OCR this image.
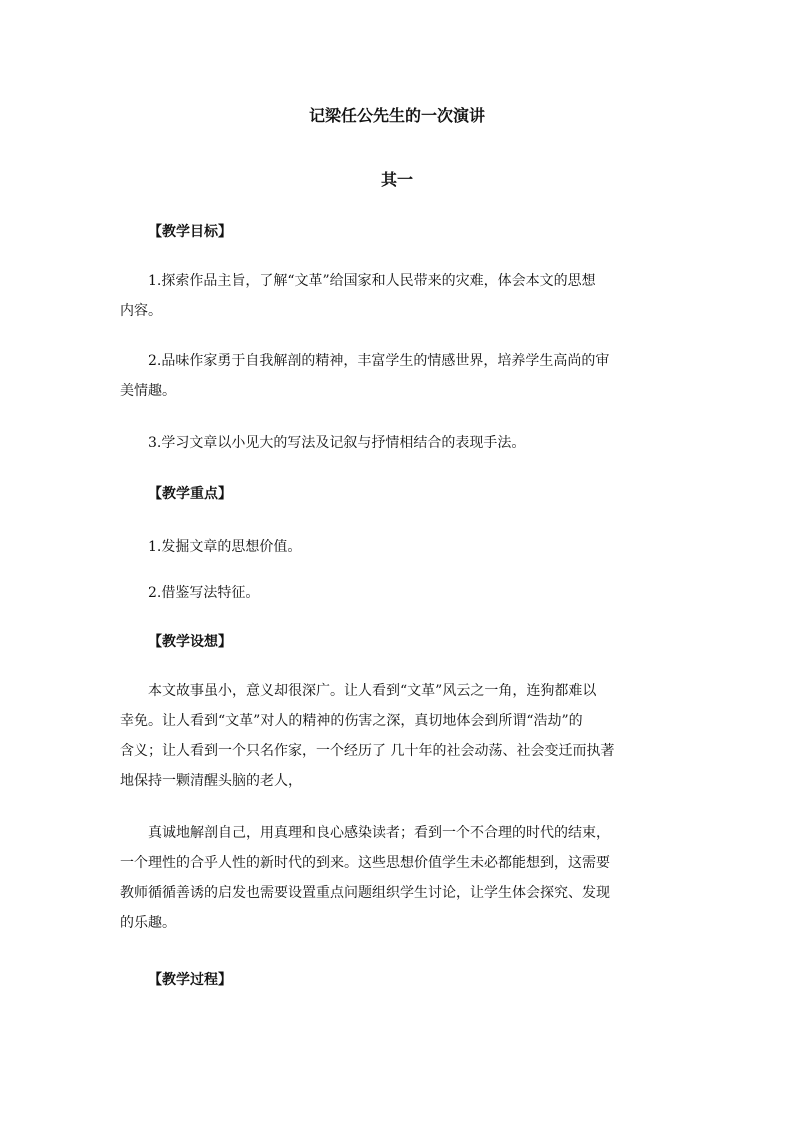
记梁任公先生的一次演讲
其一
【教学目标】
1.探索作品主旨，了解“文革”给国家和人民带来的灾难，体会本文的思想
内容。
2.品味作家勇于自我解剖的精神，丰富学生的情感世界，培养学生高尚的审
美情趣。
3.学习文章以小见大的写法及记叙与抒情相结合的表现手法。
【教学重点】
1.发掘文章的思想价值。
2.借鉴写法特征。
【教学设想】
本文故事虽小，意义却很深广。让人看到“文革”风云之一角，连狗都难以
幸免。让人看到“文革”对人的精神的伤害之深，真切地体会到所谓“浩劫”的
含义；让人看到一个只名作家，一个经历了 几十年的社会动荡、社会变迁而执著
地保持一颗清醒头脑的老人，
真诚地解剖自己，用真理和良心感染读者；看到一个不合理的时代的结束，
一个理性的合乎人性的新时代的到来。这些思想价值学生未必都能想到，这需要
教师循循善诱的启发也需要设置重点问题组织学生讨论，让学生体会探究、发现
的乐趣。
【教学过程】
